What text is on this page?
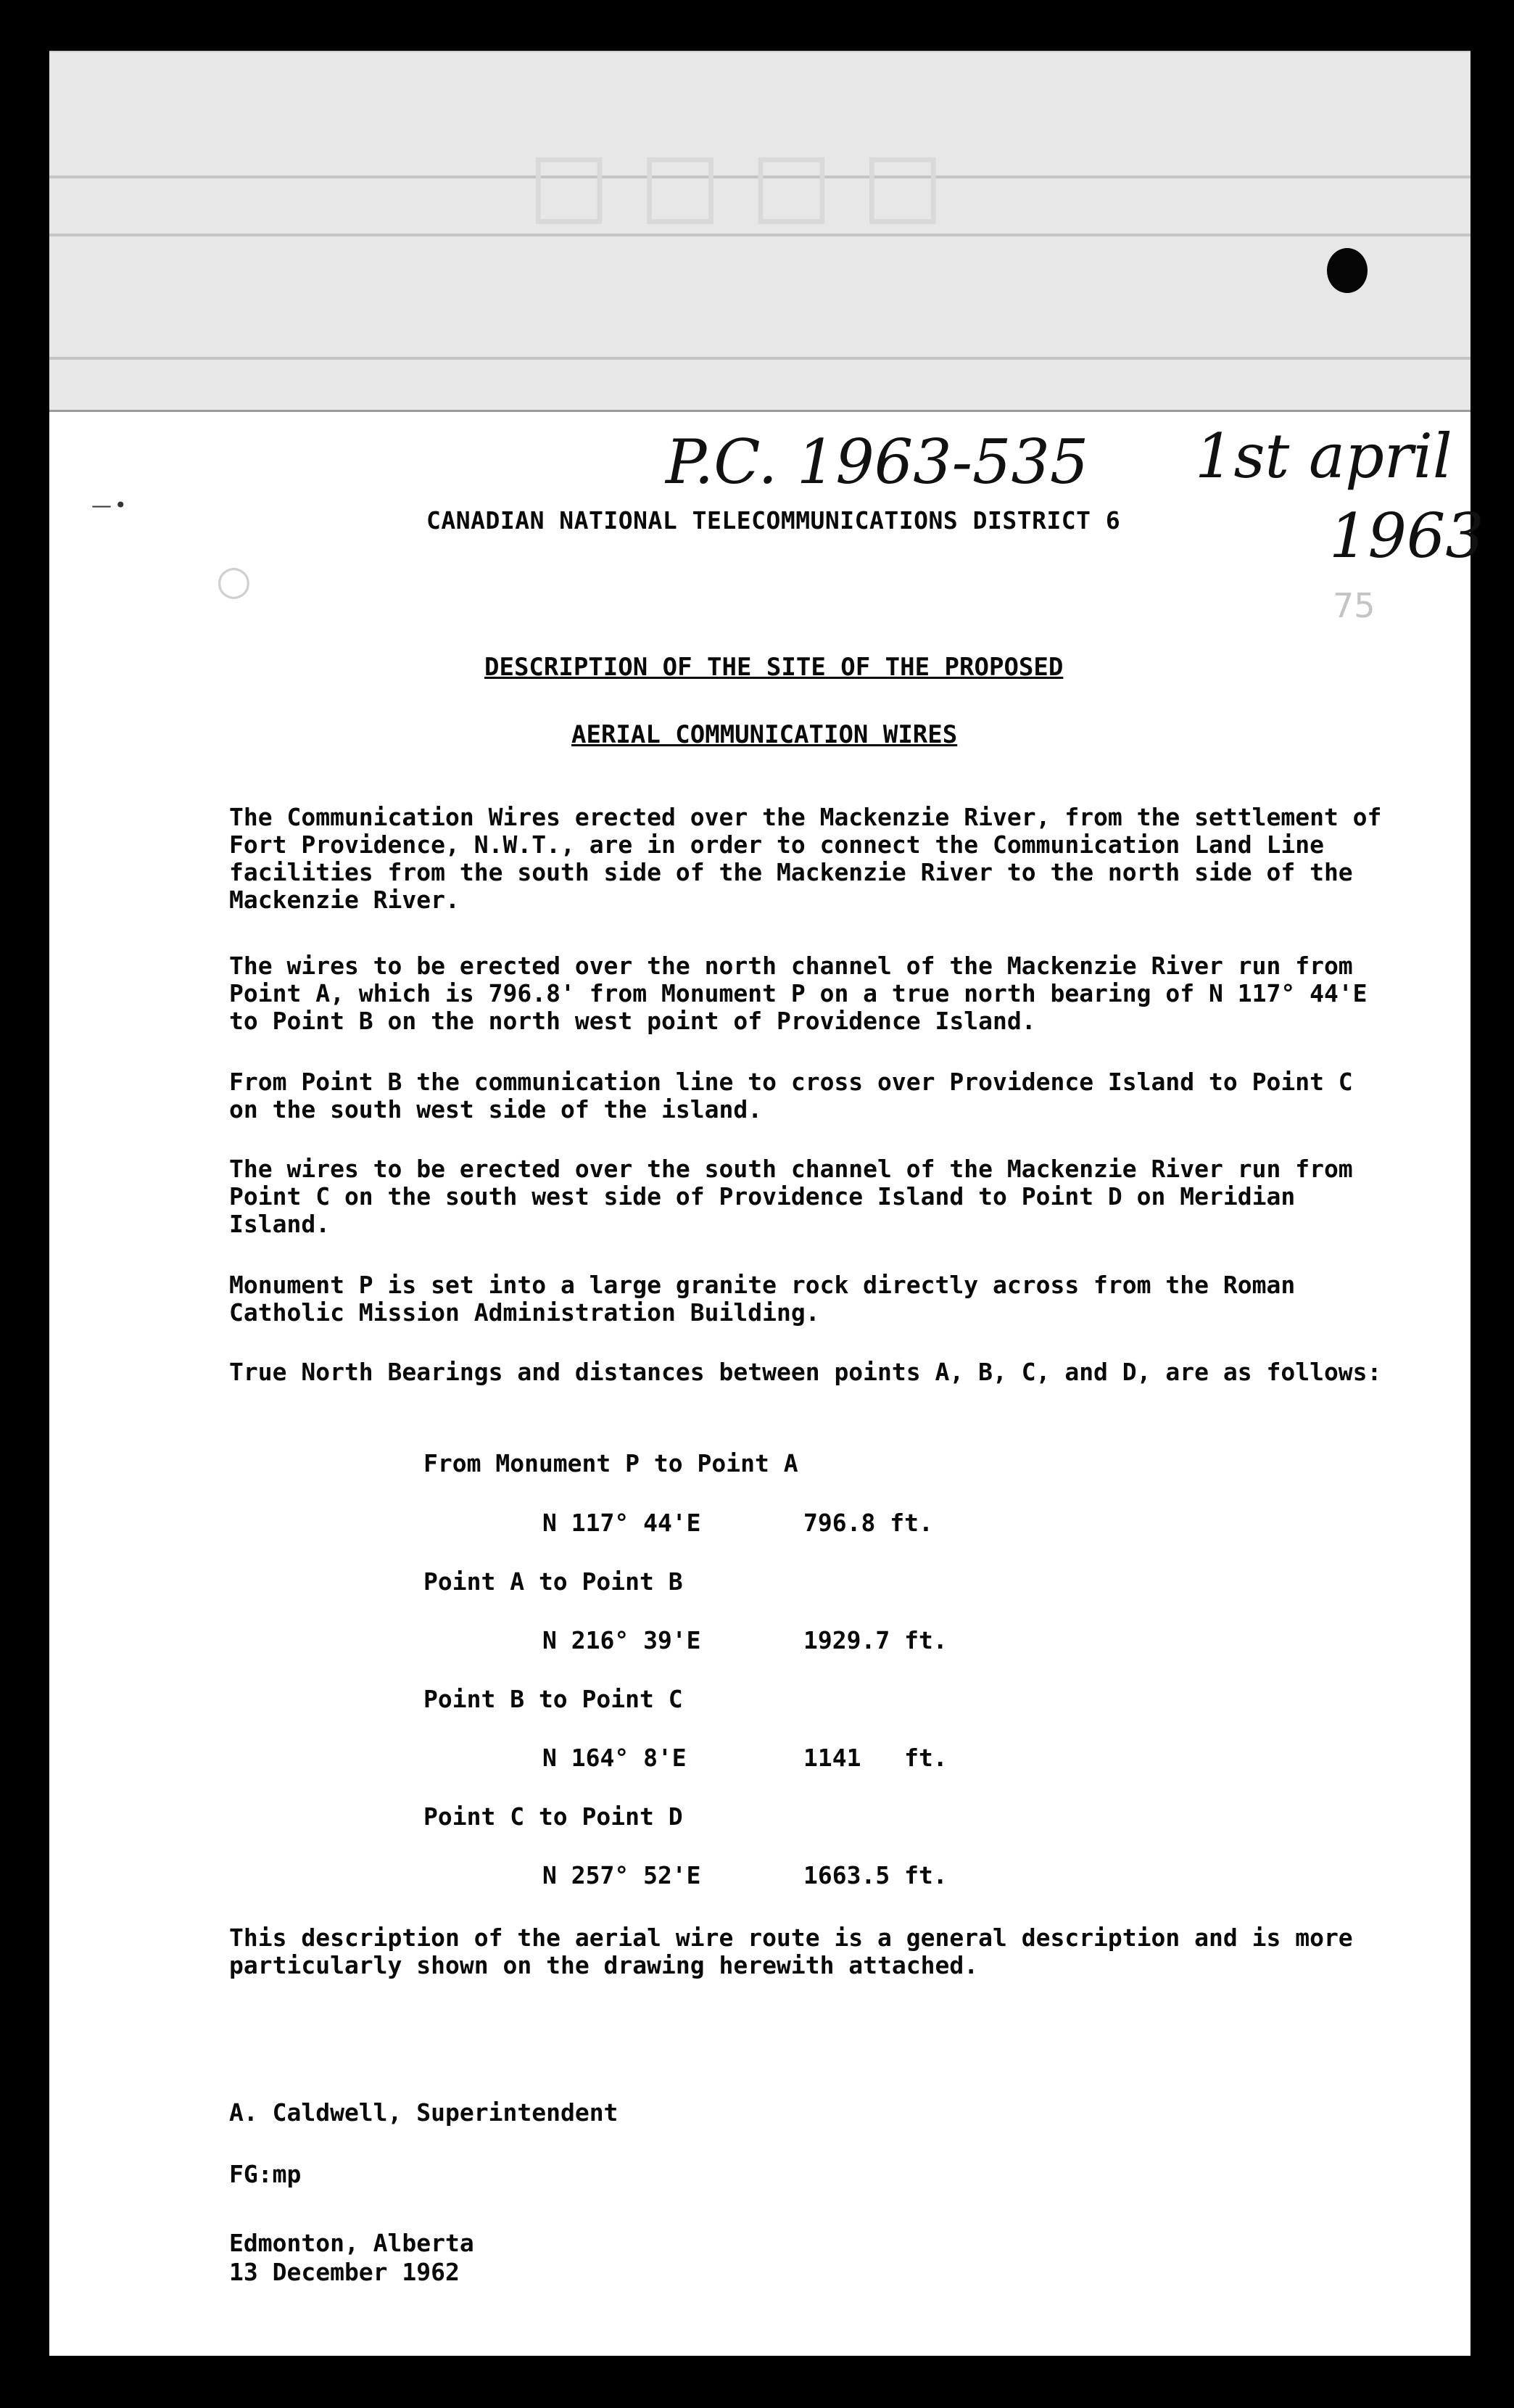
□□□□
—•
○
75
P.C. 1963-535 1st april
1963
CANADIAN NATIONAL TELECOMMUNICATIONS DISTRICT 6
DESCRIPTION OF THE SITE OF THE PROPOSED
AERIAL COMMUNICATION WIRES

The Communication Wires erected over the Mackenzie River, from the settlement of Fort Providence, N.W.T., are in order to connect the Communication Land Line facilities from the south side of the Mackenzie River to the north side of the Mackenzie River.

The wires to be erected over the north channel of the Mackenzie River run from Point A, which is 796.8' from Monument P on a true north bearing of N 117° 44'E to Point B on the north west point of Providence Island.

From Point B the communication line to cross over Providence Island to Point C on the south west side of the island.

The wires to be erected over the south channel of the Mackenzie River run from Point C on the south west side of Providence Island to Point D on Meridian Island.

Monument P is set into a large granite rock directly across from the Roman Catholic Mission Administration Building.

True North Bearings and distances between points A, B, C, and D, are as follows:

From Monument P to Point A
N 117° 44'E	796.8 ft.
Point A to Point B
N 216° 39'E	1929.7 ft.
Point B to Point C
N 164° 8'E	1141   ft.
Point C to Point D
N 257° 52'E	1663.5 ft.

This description of the aerial wire route is a general description and is more particularly shown on the drawing herewith attached.

A. Caldwell, Superintendent
FG:mp
Edmonton, Alberta
13 December 1962
